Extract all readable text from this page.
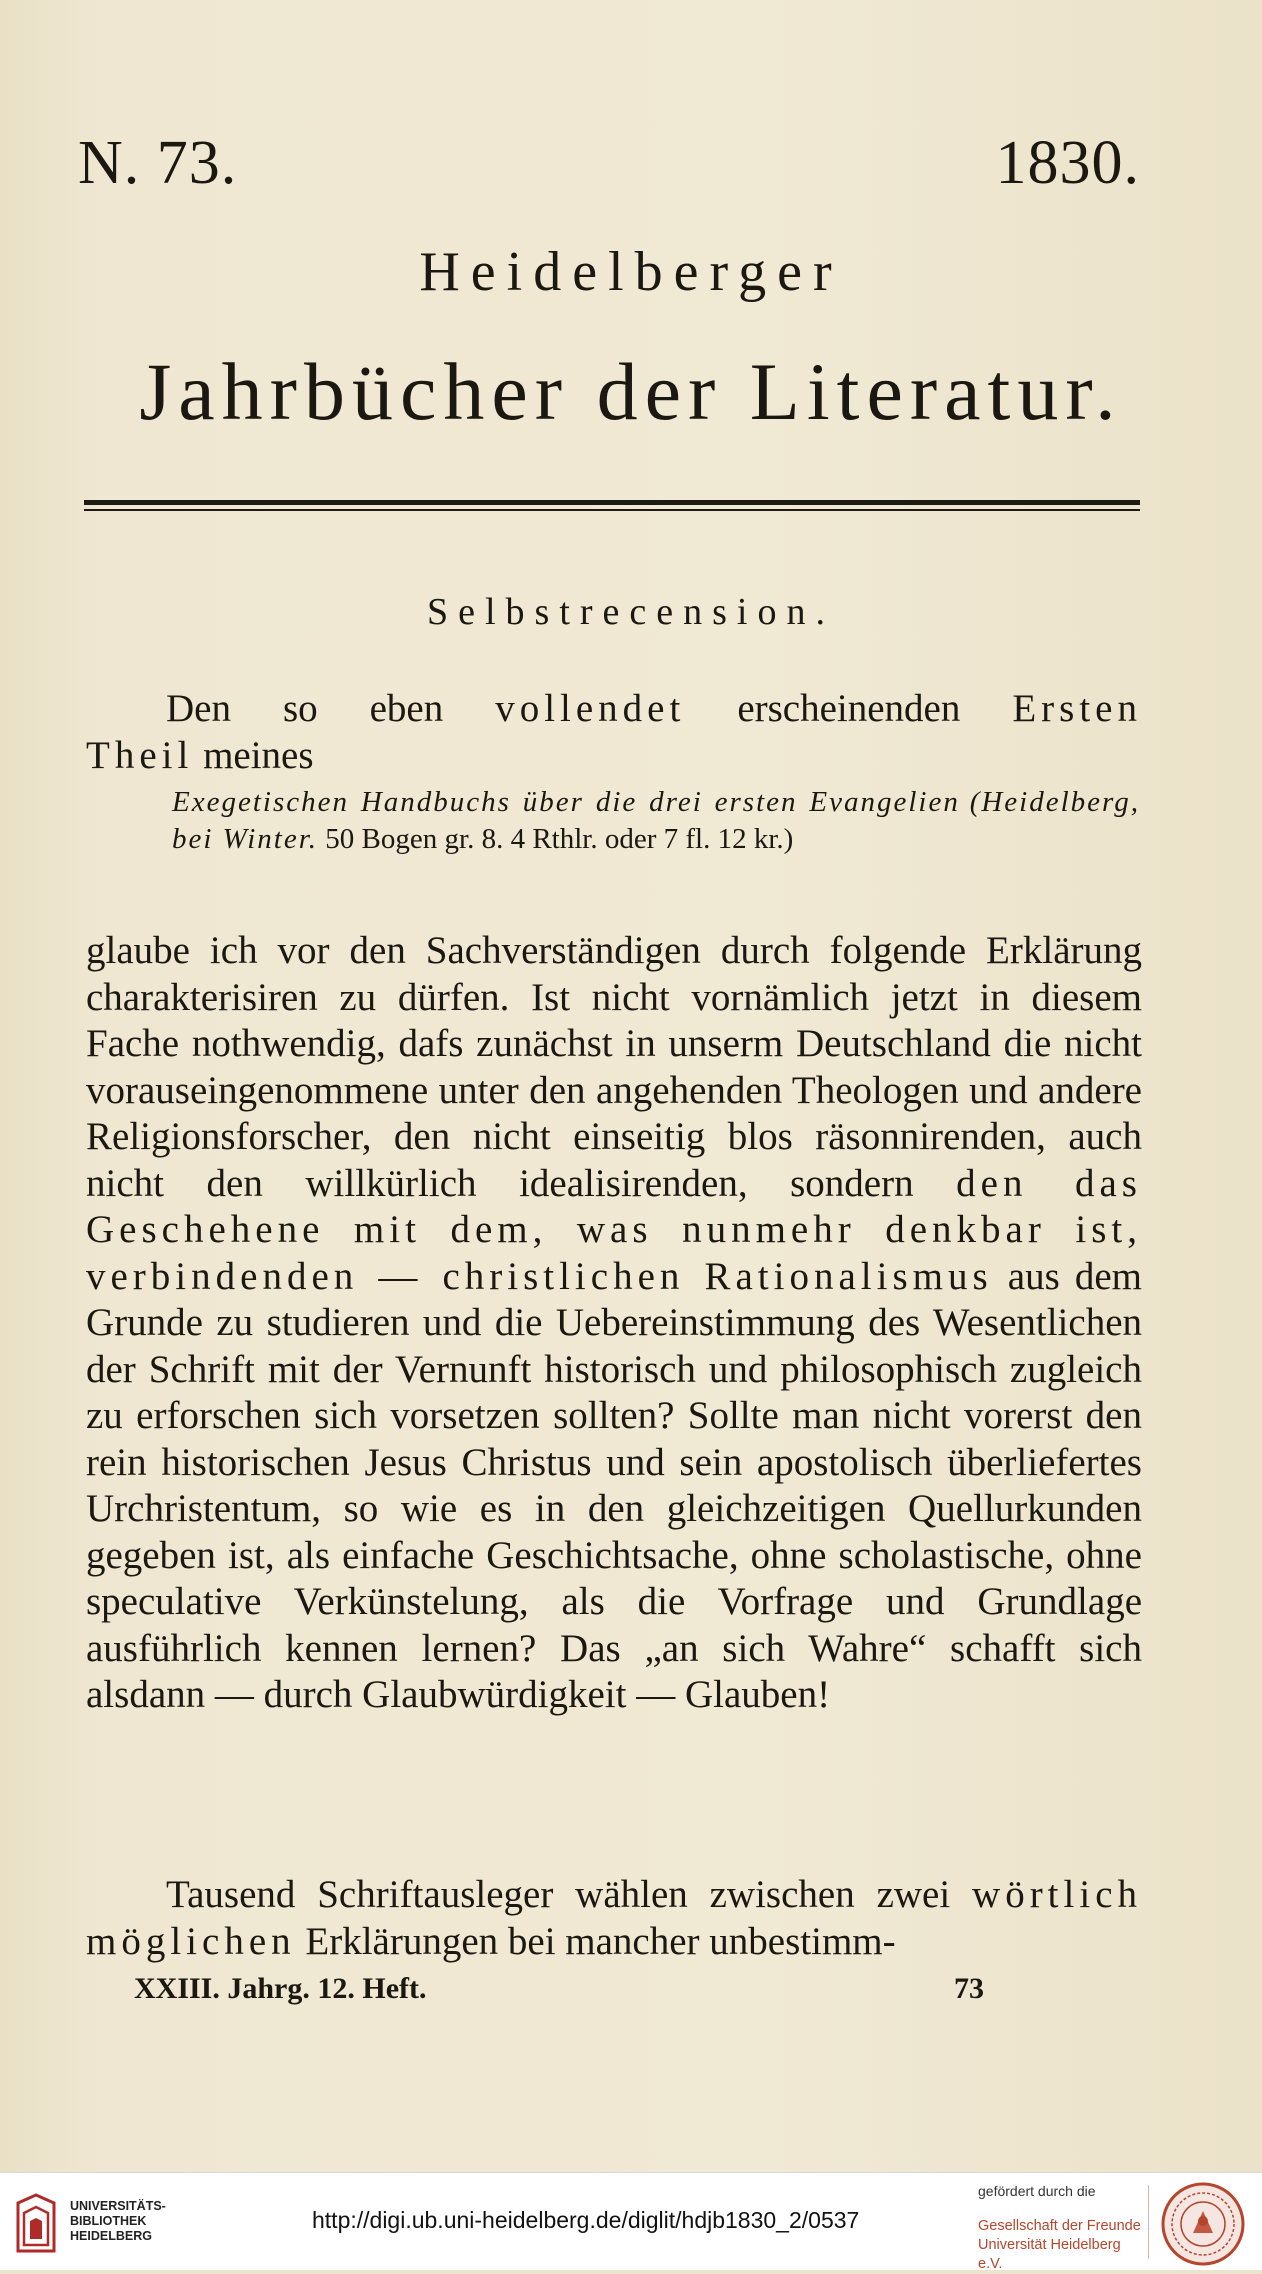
N. 73.	1830.
Heidelberger
Jahrbücher der Literatur.
Selbstrecension.
Den so eben vollendet erscheinenden Ersten
Theil meines
Exegetischen Handbuchs über die drei ersten Evangelien (Heidelberg, bei Winter. 50 Bogen gr. 8. 4 Rthlr. oder 7 fl. 12 kr.)
glaube ich vor den Sachverständigen durch folgende Erklärung charakterisiren zu dürfen. Ist nicht vornämlich jetzt in diesem Fache nothwendig, dafs zunächst in unserm Deutschland die nicht vorauseingenommene unter den angehenden Theologen und andere Religionsforscher, den nicht einseitig blos räsonnirenden, auch nicht den willkürlich idealisirenden, sondern den das Geschehene mit dem, was nunmehr denkbar ist, verbindenden — christlichen Rationalismus aus dem Grunde zu studieren und die Uebereinstimmung des Wesentlichen der Schrift mit der Vernunft historisch und philosophisch zugleich zu erforschen sich vorsetzen sollten? Sollte man nicht vorerst den rein historischen Jesus Christus und sein apostolisch überliefertes Urchristentum, so wie es in den gleichzeitigen Quellurkunden gegeben ist, als einfache Geschichtsache, ohne scholastische, ohne speculative Verkünstelung, als die Vorfrage und Grundlage ausführlich kennen lernen? Das „an sich Wahre“ schafft sich alsdann — durch Glaubwürdigkeit — Glauben!
Tausend Schriftausleger wählen zwischen zwei wörtlich möglichen Erklärungen bei mancher unbestimm-
XXIII. Jahrg. 12. Heft.	73
UNIVERSITÄTS-
BIBLIOTHEK
HEIDELBERG
http://digi.ub.uni-heidelberg.de/diglit/hdjb1830_2/0537
gefördert durch die
Gesellschaft der Freunde
Universität Heidelberg e.V.
